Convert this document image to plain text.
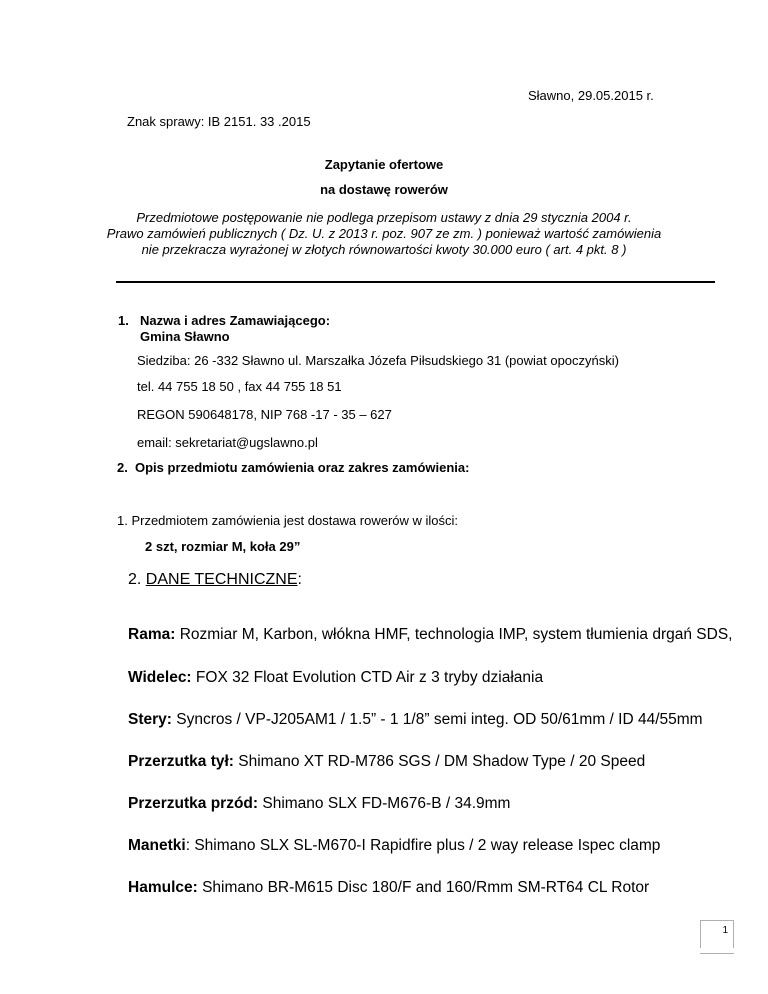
Sławno, 29.05.2015 r.
Znak sprawy: IB 2151. 33 .2015
Zapytanie ofertowe
na dostawę rowerów
Przedmiotowe postępowanie nie podlega przepisom ustawy z dnia 29 stycznia 2004 r.
Prawo zamówień publicznych ( Dz. U. z 2013 r. poz. 907 ze zm. ) ponieważ wartość zamówienia
nie przekracza wyrażonej w złotych równowartości kwoty 30.000 euro ( art. 4 pkt. 8 )
1. Nazwa i adres Zamawiającego:
Gmina Sławno
Siedziba: 26 -332 Sławno ul. Marszałka Józefa Piłsudskiego 31 (powiat opoczyński)
tel. 44 755 18 50 , fax 44 755 18 51
REGON 590648178, NIP 768 -17 - 35 – 627
email: sekretariat@ugslawno.pl
2. Opis przedmiotu zamówienia oraz zakres zamówienia:
1. Przedmiotem zamówienia jest dostawa rowerów w ilości:
2 szt, rozmiar M, koła 29”
2. DANE TECHNICZNE:
Rama: Rozmiar M, Karbon, włókna HMF, technologia IMP, system tłumienia drgań SDS,
Widelec: FOX 32 Float Evolution CTD Air z 3 tryby działania
Stery: Syncros / VP-J205AM1 / 1.5” - 1 1/8” semi integ. OD 50/61mm / ID 44/55mm
Przerzutka tył: Shimano XT RD-M786 SGS / DM Shadow Type / 20 Speed
Przerzutka przód: Shimano SLX FD-M676-B / 34.9mm
Manetki: Shimano SLX SL-M670-I Rapidfire plus / 2 way release Ispec clamp
Hamulce: Shimano BR-M615 Disc 180/F and 160/Rmm SM-RT64 CL Rotor
1
